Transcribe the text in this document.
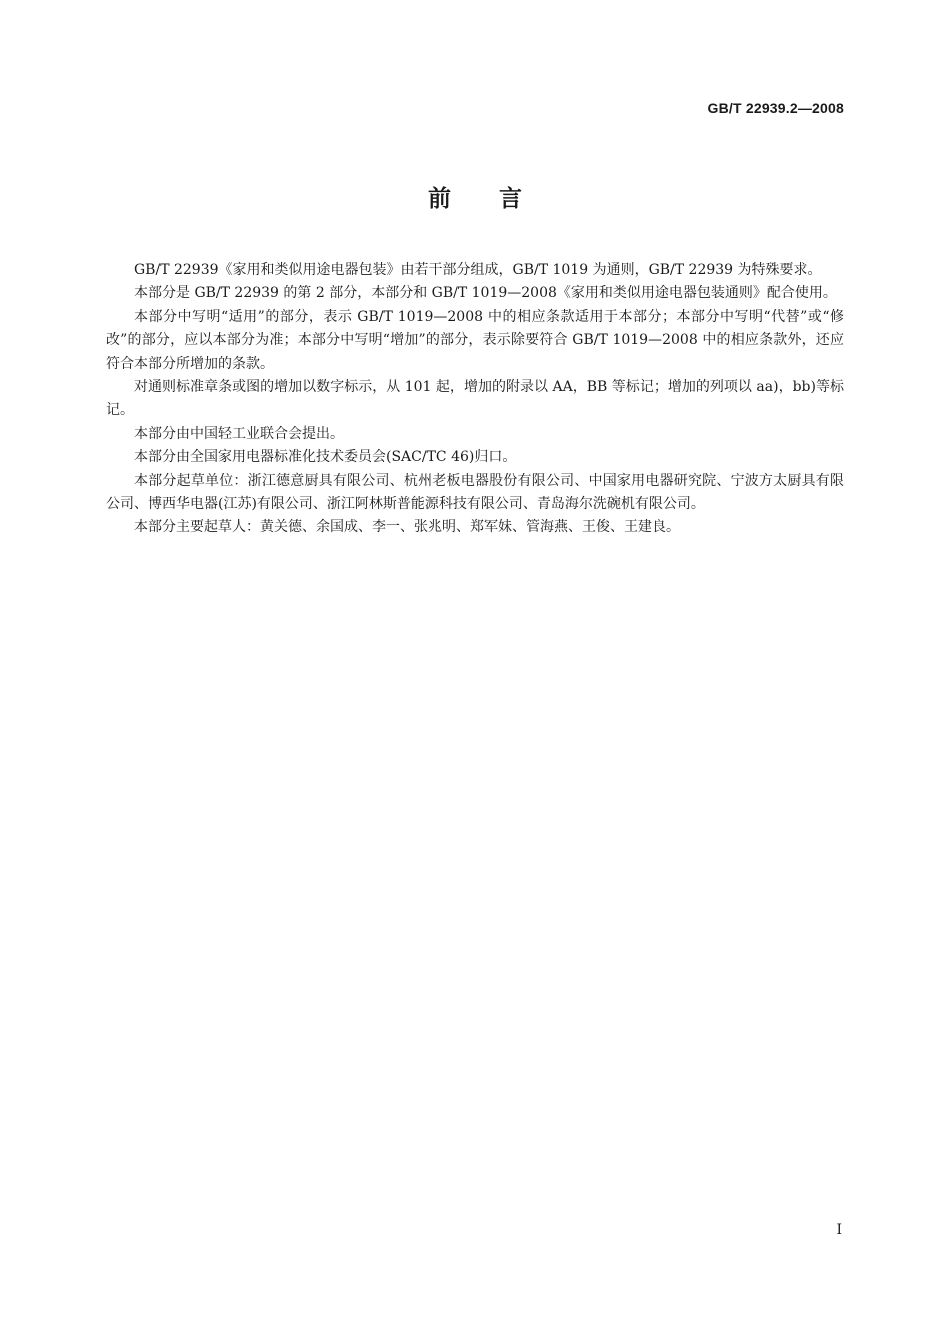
GB/T 22939.2—2008
前 言

GB/T 22939《家用和类似用途电器包装》由若干部分组成，GB/T 1019 为通则，GB/T 22939 为特殊要求。

本部分是 GB/T 22939 的第 2 部分，本部分和 GB/T 1019—2008《家用和类似用途电器包装通则》配合使用。

本部分中写明“适用”的部分，表示 GB/T 1019—2008 中的相应条款适用于本部分；本部分中写明“代替”或“修改”的部分，应以本部分为准；本部分中写明“增加”的部分，表示除要符合 GB/T 1019—2008 中的相应条款外，还应符合本部分所增加的条款。

对通则标准章条或图的增加以数字标示，从 101 起，增加的附录以 AA，BB 等标记；增加的列项以 aa)，bb)等标记。

本部分由中国轻工业联合会提出。

本部分由全国家用电器标准化技术委员会(SAC/TC 46)归口。

本部分起草单位：浙江德意厨具有限公司、杭州老板电器股份有限公司、中国家用电器研究院、宁波方太厨具有限公司、博西华电器(江苏)有限公司、浙江阿林斯普能源科技有限公司、青岛海尔洗碗机有限公司。

本部分主要起草人：黄关德、余国成、李一、张兆明、郑军妹、管海燕、王俊、王建良。

I
